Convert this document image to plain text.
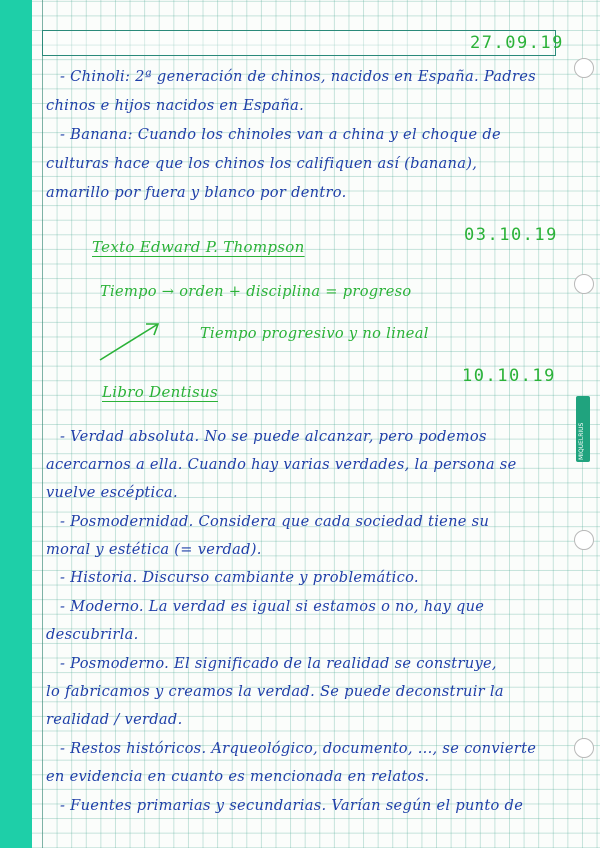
MIQUELRIUS
27.09.19
03.10.19
10.10.19
- Chinoli: 2ª generación de chinos, nacidos en España. Padres
chinos e hijos nacidos en España.
- Banana: Cuando los chinoles van a china y el choque de
culturas hace que los chinos los califiquen así (banana),
amarillo por fuera y blanco por dentro.
Texto Edward P. Thompson
Tiempo → orden + disciplina = progreso
Tiempo progresivo y no lineal
Libro Dentisus
- Verdad absoluta. No se puede alcanzar, pero podemos
acercarnos a ella. Cuando hay varias verdades, la persona se
vuelve escéptica.
- Posmodernidad. Considera que cada sociedad tiene su
moral y estética (= verdad).
- Historia. Discurso cambiante y problemático.
- Moderno. La verdad es igual si estamos o no, hay que
descubrirla.
- Posmoderno. El significado de la realidad se construye,
lo fabricamos y creamos la verdad. Se puede deconstruir la
realidad / verdad.
- Restos históricos. Arqueológico, documento, ..., se convierte
en evidencia en cuanto es mencionada en relatos.
- Fuentes primarias y secundarias. Varían según el punto de
